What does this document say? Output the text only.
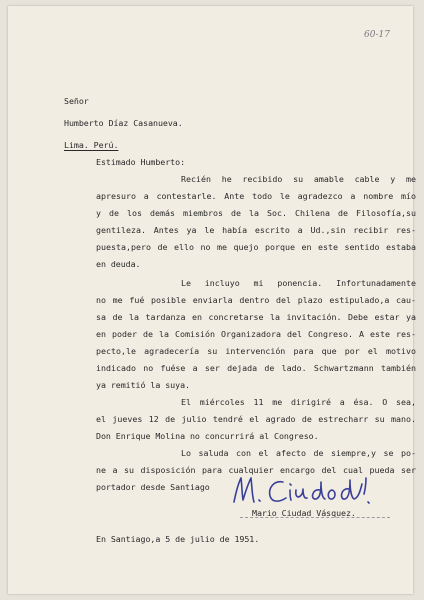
60-17
Señor
Humberto Díaz Casanueva.
Lima. Perú.
Estimado Humberto:
Recién he recibido su amable cable y me
apresuro a contestarle. Ante todo le agradezco a nombre mío
y de los demás miembros de la Soc. Chilena de Filosofía,su
gentileza. Antes ya le había escrito a Ud.,sin recibir res-
puesta,pero de ello no me quejo porque en este sentido estaba
en deuda.
Le incluyo mi ponencia. Infortunadamente
no me fué posible enviarla dentro del plazo estipulado,a cau-
sa de la tardanza en concretarse la invitación. Debe estar ya
en poder de la Comisión Organizadora del Congreso. A este res-
pecto,le agradecería su intervención para que por el motivo
indicado no fuése a ser dejada de lado. Schwartzmann también
ya remitió la suya.
El miércoles 11 me dirigiré a ésa. O sea,
el jueves 12 de julio tendré el agrado de estrecharr su mano.
Don Enrique Molina no concurrirá al Congreso.
Lo saluda con el afecto de siempre,y se po-
ne a su disposición para cualquier encargo del cual pueda ser
portador desde Santiago
Mario Ciudad Vásquez.
En Santiago,a 5 de julio de 1951.
